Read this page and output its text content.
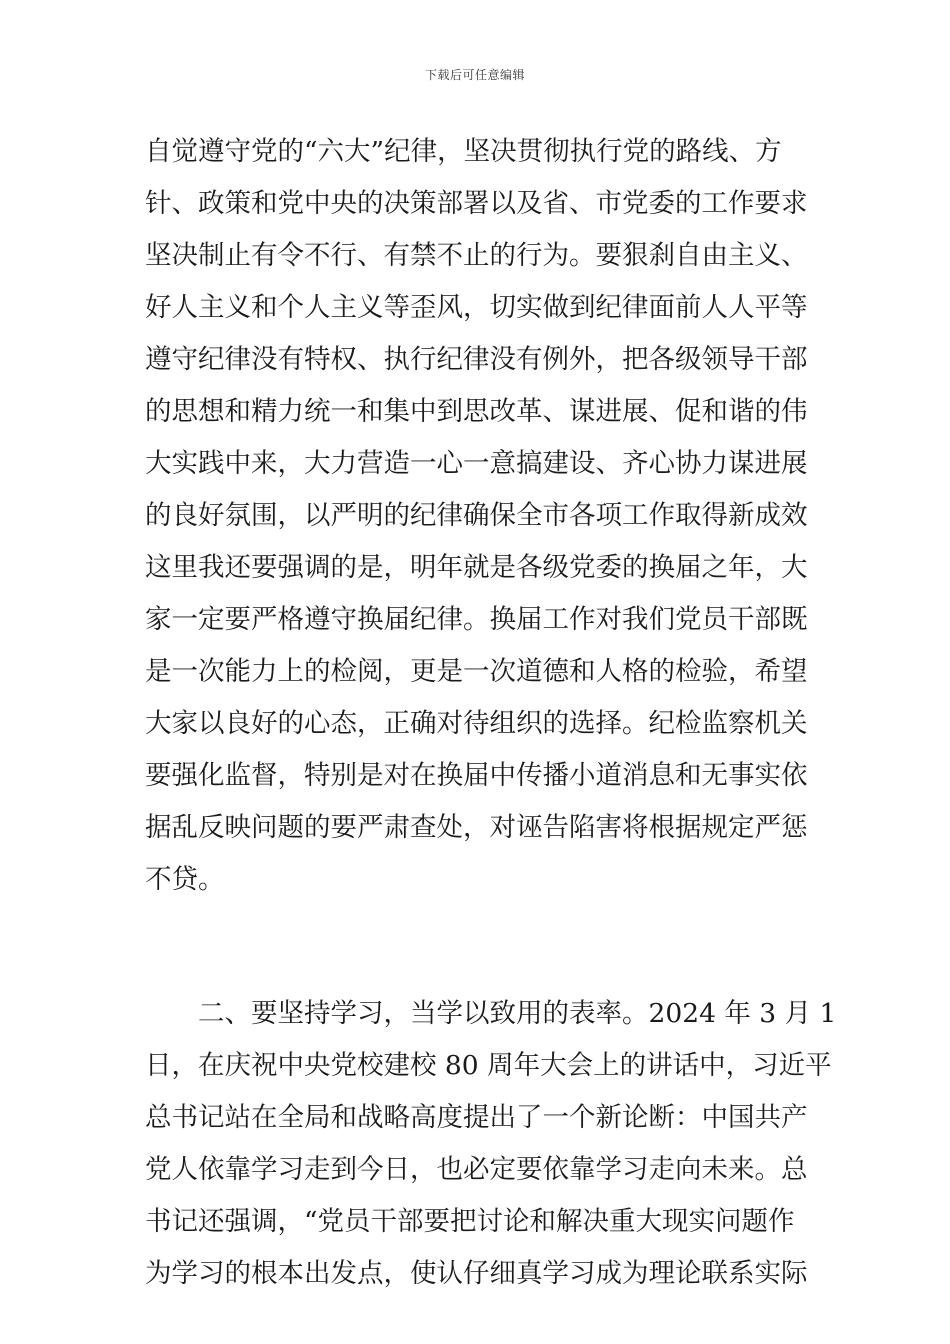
下载后可任意编辑
自觉遵守党的“六大”纪律，坚决贯彻执行党的路线、方
针、政策和党中央的决策部署以及省、市党委的工作要求
坚决制止有令不行、有禁不止的行为。要狠刹自由主义、
好人主义和个人主义等歪风，切实做到纪律面前人人平等
遵守纪律没有特权、执行纪律没有例外，把各级领导干部
的思想和精力统一和集中到思改革、谋进展、促和谐的伟
大实践中来，大力营造一心一意搞建设、齐心协力谋进展
的良好氛围，以严明的纪律确保全市各项工作取得新成效
这里我还要强调的是，明年就是各级党委的换届之年，大
家一定要严格遵守换届纪律。换届工作对我们党员干部既
是一次能力上的检阅，更是一次道德和人格的检验，希望
大家以良好的心态，正确对待组织的选择。纪检监察机关
要强化监督，特别是对在换届中传播小道消息和无事实依
据乱反映问题的要严肃查处，对诬告陷害将根据规定严惩
不贷。
二、要坚持学习，当学以致用的表率。2024 年 3 月 1
日，在庆祝中央党校建校 80 周年大会上的讲话中，习近平
总书记站在全局和战略高度提出了一个新论断：中国共产
党人依靠学习走到今日，也必定要依靠学习走向未来。总
书记还强调，“党员干部要把讨论和解决重大现实问题作
为学习的根本出发点，使认仔细真学习成为理论联系实际
